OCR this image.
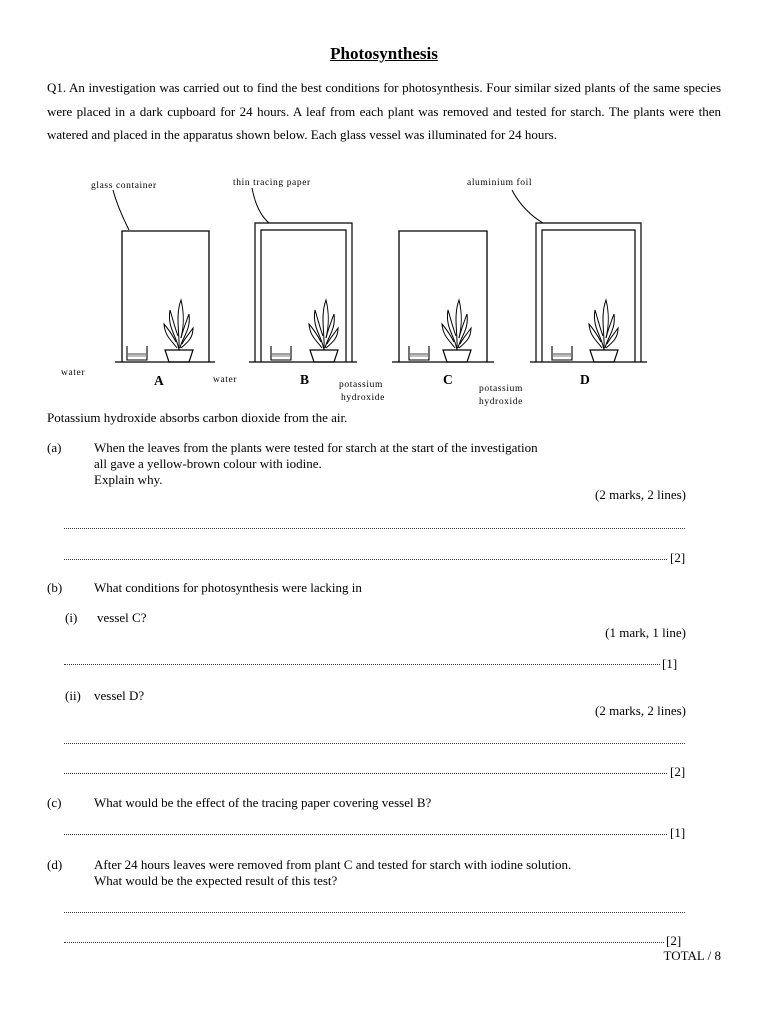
Photosynthesis
Q1. An investigation was carried out to find the best conditions for photosynthesis. Four similar sized plants of the same species were placed in a dark cupboard for 24 hours. A leaf from each plant was removed and tested for starch. The plants were then watered and placed in the apparatus shown below. Each glass vessel was illuminated for 24 hours.
glass container	thin tracing paper	aluminium foil
water
water	potassium
hydroxide
potassium
hydroxide
A	B	C	D
Potassium hydroxide absorbs carbon dioxide from the air.
(a)	When the leaves from the plants were tested for starch at the start of the investigation
all gave a yellow-brown colour with iodine.
Explain why.
(2 marks, 2 lines)
[2]
(b) What conditions for photosynthesis were lacking in
(i) vessel C?
(1 mark, 1 line)
[1]
(ii) vessel D?
(2 marks, 2 lines)
[2]
(c)	What would be the effect of the tracing paper covering vessel B?
[1]
(d) After 24 hours leaves were removed from plant C and tested for starch with iodine solution.
What would be the expected result of this test?
[2]
TOTAL / 8
